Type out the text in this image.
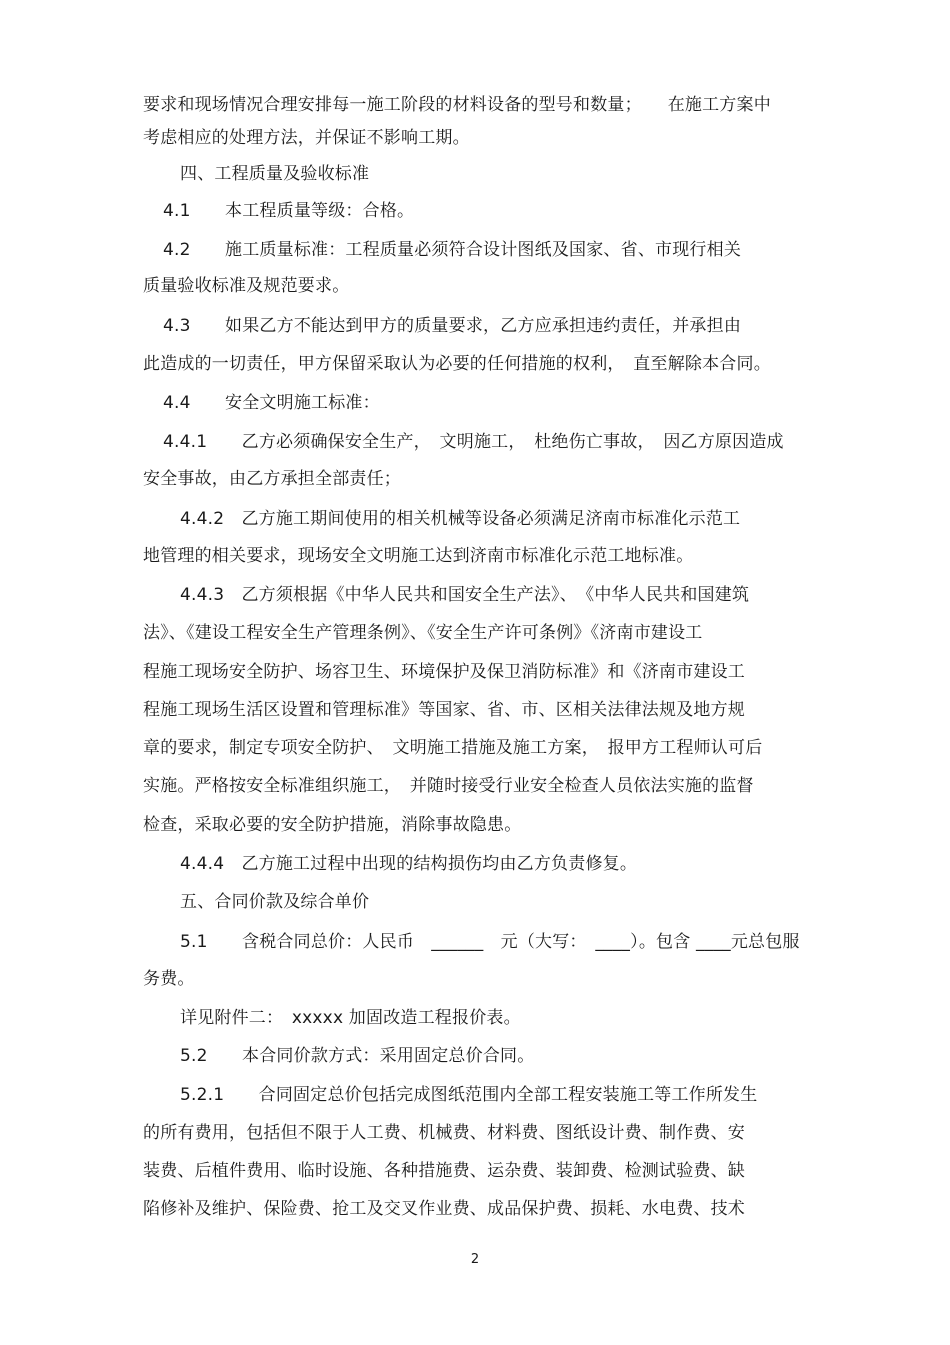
要求和现场情况合理安排每一施工阶段的材料设备的型号和数量；　　在施工方案中
考虑相应的处理方法，并保证不影响工期。
四、工程质量及验收标准
4.1　　本工程质量等级：合格。
4.2　　施工质量标准：工程质量必须符合设计图纸及国家、省、市现行相关
质量验收标准及规范要求。
4.3　　如果乙方不能达到甲方的质量要求，乙方应承担违约责任，并承担由
此造成的一切责任，甲方保留采取认为必要的任何措施的权利，　直至解除本合同。
4.4　　安全文明施工标准：
4.4.1　　乙方必须确保安全生产，　文明施工，　杜绝伤亡事故，　因乙方原因造成
安全事故，由乙方承担全部责任；
4.4.2　乙方施工期间使用的相关机械等设备必须满足济南市标准化示范工
地管理的相关要求，现场安全文明施工达到济南市标准化示范工地标准。
4.4.3　乙方须根据《中华人民共和国安全生产法》、　《中华人民共和国建筑
法》、《建设工程安全生产管理条例》、《安全生产许可条例》《济南市建设工
程施工现场安全防护、场容卫生、环境保护及保卫消防标准》和《济南市建设工
程施工现场生活区设置和管理标准》等国家、省、市、区相关法律法规及地方规
章的要求，制定专项安全防护、　文明施工措施及施工方案，　报甲方工程师认可后
实施。严格按安全标准组织施工，　并随时接受行业安全检查人员依法实施的监督
检查，采取必要的安全防护措施，消除事故隐患。
4.4.4　乙方施工过程中出现的结构损伤均由乙方负责修复。
五、合同价款及综合单价
5.1　　含税合同总价：人民币　______　元（大写：　____）。包含 ____元总包服
务费。
详见附件二：　xxxxx 加固改造工程报价表。
5.2　　本合同价款方式：采用固定总价合同。
5.2.1　　合同固定总价包括完成图纸范围内全部工程安装施工等工作所发生
的所有费用，包括但不限于人工费、机械费、材料费、图纸设计费、制作费、安
装费、后植件费用、临时设施、各种措施费、运杂费、装卸费、检测试验费、缺
陷修补及维护、保险费、抢工及交叉作业费、成品保护费、损耗、水电费、技术
2
